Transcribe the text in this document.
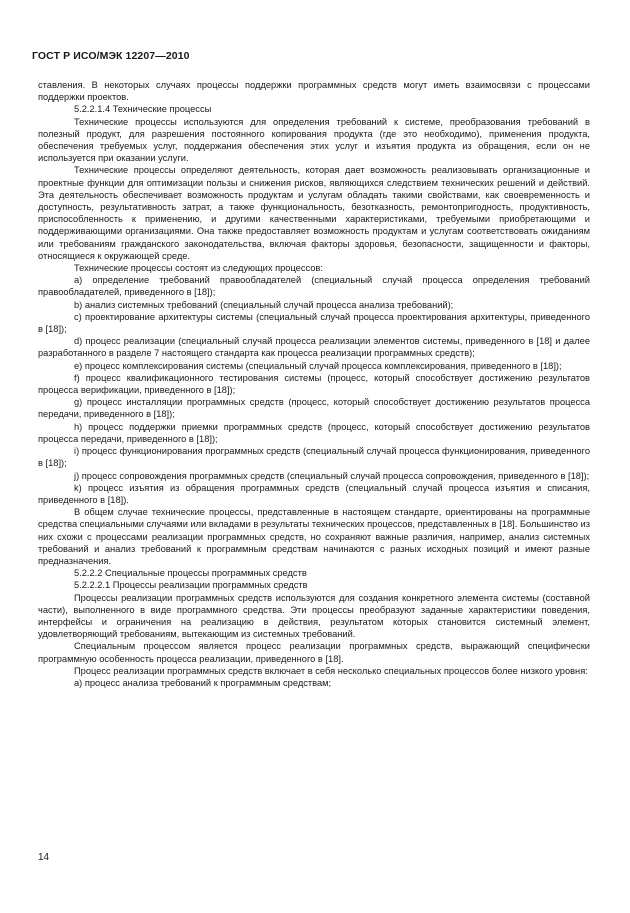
ГОСТ Р ИСО/МЭК 12207—2010

ставления. В некоторых случаях процессы поддержки программных средств могут иметь взаимосвязи с процессами поддержки проектов.

5.2.2.1.4 Технические процессы

Технические процессы используются для определения требований к системе, преобразования требований в полезный продукт, для разрешения постоянного копирования продукта (где это необходимо), применения продукта, обеспечения требуемых услуг, поддержания обеспечения этих услуг и изъятия продукта из обращения, если он не используется при оказании услуги.

Технические процессы определяют деятельность, которая дает возможность реализовывать организационные и проектные функции для оптимизации пользы и снижения рисков, являющихся следствием технических решений и действий. Эта деятельность обеспечивает возможность продуктам и услугам обладать такими свойствами, как своевременность и доступность, результативность затрат, а также функциональность, безотказность, ремонтопригодность, продуктивность, приспособленность к применению, и другими качественными характеристиками, требуемыми приобретающими и поддерживающими организациями. Она также предоставляет возможность продуктам и услугам соответствовать ожиданиям или требованиям гражданского законодательства, включая факторы здоровья, безопасности, защищенности и факторы, относящиеся к окружающей среде.

Технические процессы состоят из следующих процессов:

а) определение требований правообладателей (специальный случай процесса определения требований правообладателей, приведенного в [18]);

b) анализ системных требований (специальный случай процесса анализа требований);

c) проектирование архитектуры системы (специальный случай процесса проектирования архитектуры, приведенного в [18]);

d) процесс реализации (специальный случай процесса реализации элементов системы, приведенного в [18] и далее разработанного в разделе 7 настоящего стандарта как процесса реализации программных средств);

e) процесс комплексирования системы (специальный случай процесса комплексирования, приведенного в [18]);

f) процесс квалификационного тестирования системы (процесс, который способствует достижению результатов процесса верификации, приведенного в [18]);

g) процесс инсталляции программных средств (процесс, который способствует достижению результатов процесса передачи, приведенного в [18]);

h) процесс поддержки приемки программных средств (процесс, который способствует достижению результатов процесса передачи, приведенного в [18]);

i) процесс функционирования программных средств (специальный случай процесса функционирования, приведенного в [18]);

j) процесс сопровождения программных средств (специальный случай процесса сопровождения, приведенного в [18]);

k) процесс изъятия из обращения программных средств (специальный случай процесса изъятия и списания, приведенного в [18]).

В общем случае технические процессы, представленные в настоящем стандарте, ориентированы на программные средства специальными случаями или вкладами в результаты технических процессов, представленных в [18]. Большинство из них схожи с процессами реализации программных средств, но сохраняют важные различия, например, анализ системных требований и анализ требований к программным средствам начинаются с разных исходных позиций и имеют разные предназначения.

5.2.2.2 Специальные процессы программных средств

5.2.2.2.1 Процессы реализации программных средств

Процессы реализации программных средств используются для создания конкретного элемента системы (составной части), выполненного в виде программного средства. Эти процессы преобразуют заданные характеристики поведения, интерфейсы и ограничения на реализацию в действия, результатом которых становится системный элемент, удовлетворяющий требованиям, вытекающим из системных требований.

Специальным процессом является процесс реализации программных средств, выражающий специфически программную особенность процесса реализации, приведенного в [18].

Процесс реализации программных средств включает в себя несколько специальных процессов более низкого уровня:

а) процесс анализа требований к программным средствам;

14
